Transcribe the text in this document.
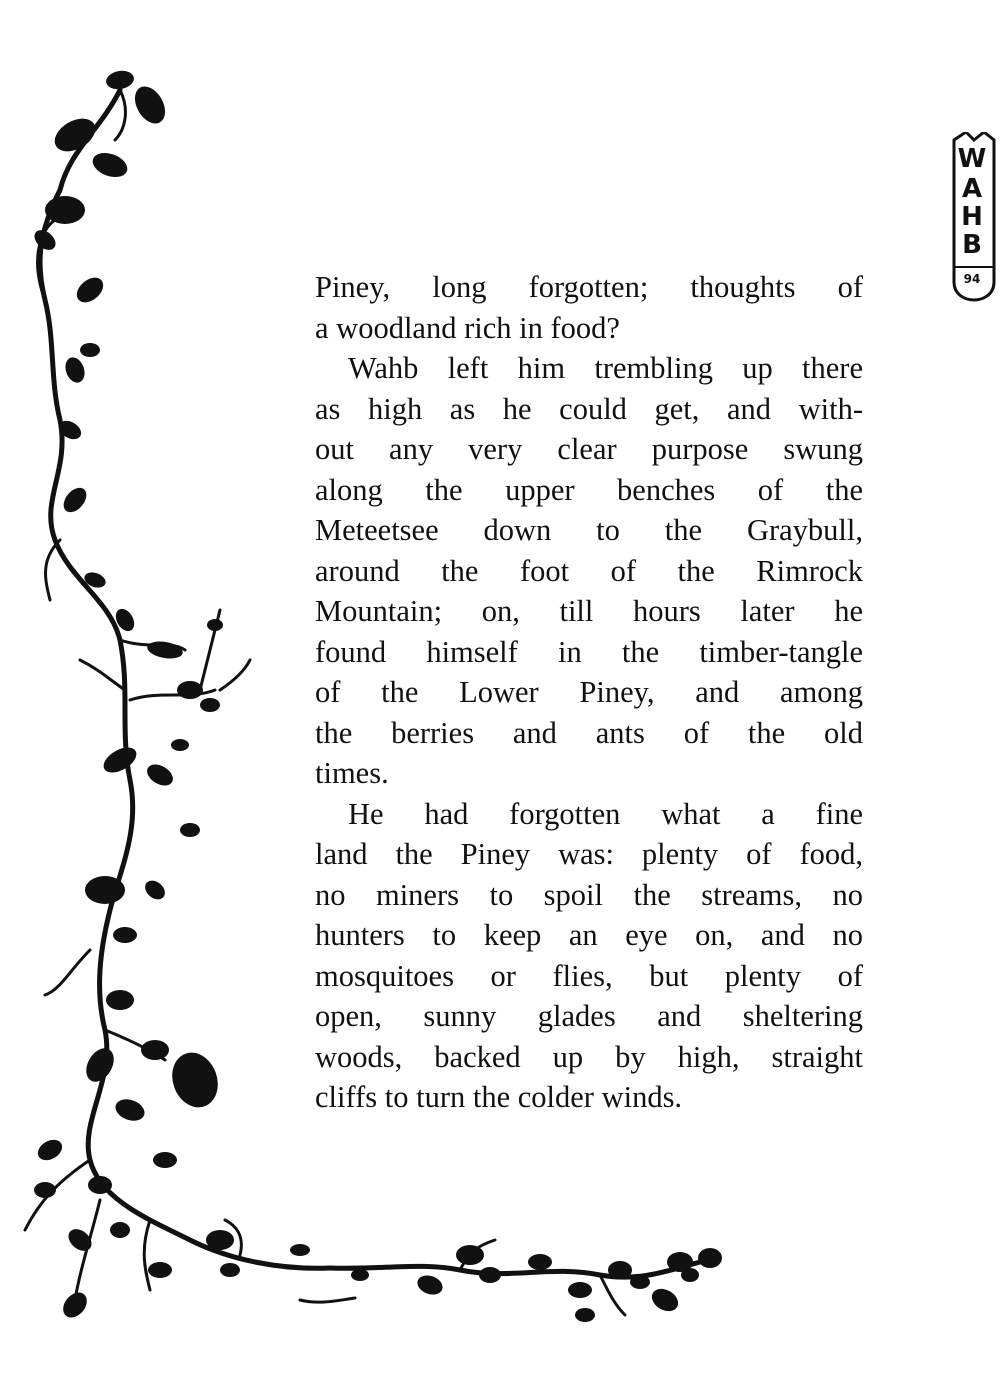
W
A
H
B
94
Piney, long forgotten; thoughts of
a woodland rich in food?
Wahb left him trembling up there
as high as he could get, and with-
out any very clear purpose swung
along the upper benches of the
Meteetsee down to the Graybull,
around the foot of the Rimrock
Mountain; on, till hours later he
found himself in the timber-tangle
of the Lower Piney, and among
the berries and ants of the old
times.
He had forgotten what a fine
land the Piney was: plenty of food,
no miners to spoil the streams, no
hunters to keep an eye on, and no
mosquitoes or flies, but plenty of
open, sunny glades and sheltering
woods, backed up by high, straight
cliffs to turn the colder winds.
